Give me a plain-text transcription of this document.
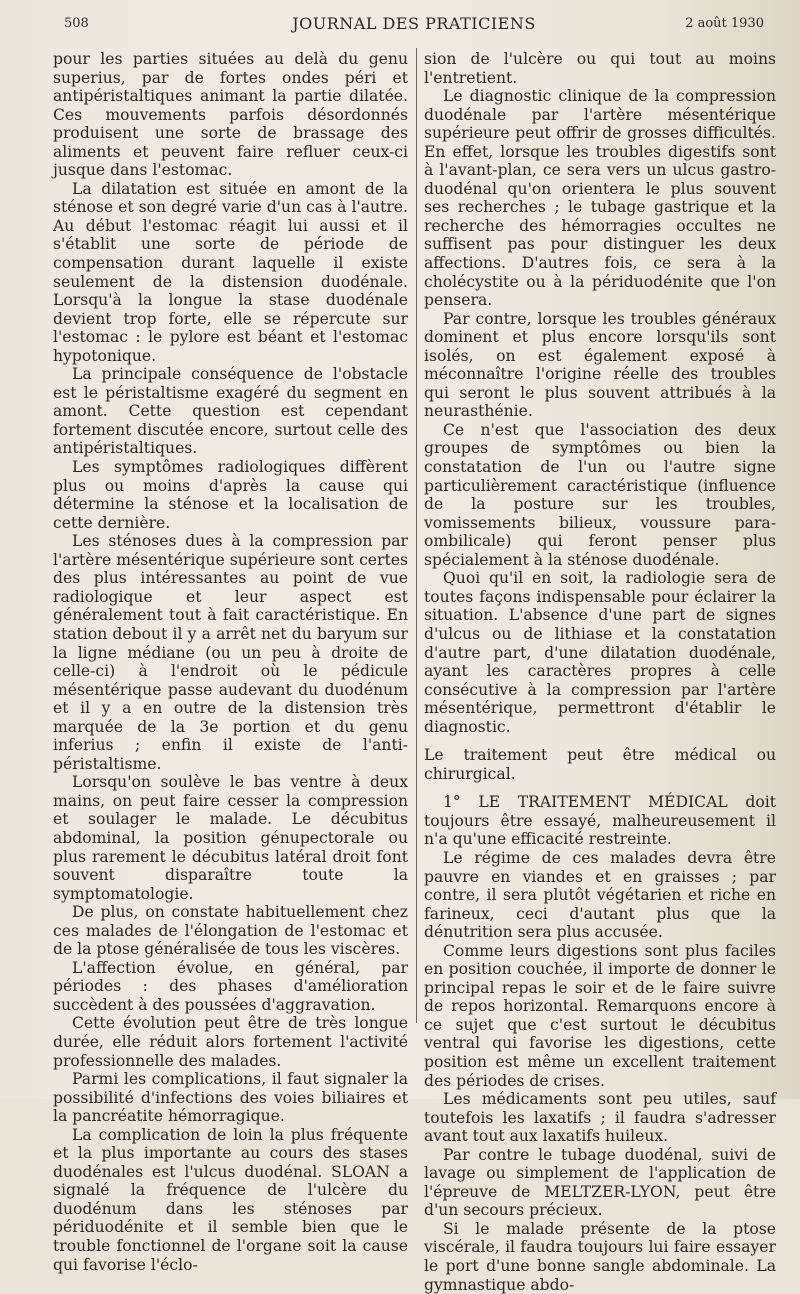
508	JOURNAL DES PRATICIENS	2 août 1930

pour les parties situées au delà du genu superius, par de fortes ondes péri et antipéristaltiques animant la partie dilatée. Ces mouvements parfois désordonnés produisent une sorte de brassage des aliments et peuvent faire refluer ceux-ci jusque dans l'estomac.

La dilatation est située en amont de la sténose et son degré varie d'un cas à l'autre. Au début l'estomac réagit lui aussi et il s'établit une sorte de période de compensation durant laquelle il existe seulement de la distension duodénale. Lorsqu'à la longue la stase duodénale devient trop forte, elle se répercute sur l'estomac : le pylore est béant et l'estomac hypotonique.

La principale conséquence de l'obstacle est le péristaltisme exagéré du segment en amont. Cette question est cependant fortement discutée encore, surtout celle des antipéristaltiques.

Les symptômes radiologiques diffèrent plus ou moins d'après la cause qui détermine la sténose et la localisation de cette dernière.

Les sténoses dues à la compression par l'artère mésentérique supérieure sont certes des plus intéressantes au point de vue radiologique et leur aspect est généralement tout à fait caractéristique. En station debout il y a arrêt net du baryum sur la ligne médiane (ou un peu à droite de celle-ci) à l'endroit où le pédicule mésentérique passe audevant du duodénum et il y a en outre de la distension très marquée de la 3e portion et du genu inferius ; enfin il existe de l'anti-péristaltisme.

Lorsqu'on soulève le bas ventre à deux mains, on peut faire cesser la compression et soulager le malade. Le décubitus abdominal, la position génupectorale ou plus rarement le décubitus latéral droit font souvent disparaître toute la symptomatologie.

De plus, on constate habituellement chez ces malades de l'élongation de l'estomac et de la ptose généralisée de tous les viscères.

L'affection évolue, en général, par périodes : des phases d'amélioration succèdent à des poussées d'aggravation.

Cette évolution peut être de très longue durée, elle réduit alors fortement l'activité professionnelle des malades.

Parmi les complications, il faut signaler la possibilité d'infections des voies biliaires et la pancréatite hémorragique.

La complication de loin la plus fréquente et la plus importante au cours des stases duodénales est l'ulcus duodénal. SLOAN a signalé la fréquence de l'ulcère du duodénum dans les sténoses par périduodénite et il semble bien que le trouble fonctionnel de l'organe soit la cause qui favorise l'éclo-

sion de l'ulcère ou qui tout au moins l'entretient.

Le diagnostic clinique de la compression duodénale par l'artère mésentérique supérieure peut offrir de grosses difficultés. En effet, lorsque les troubles digestifs sont à l'avant-plan, ce sera vers un ulcus gastro-duodénal qu'on orientera le plus souvent ses recherches ; le tubage gastrique et la recherche des hémorragies occultes ne suffisent pas pour distinguer les deux affections. D'autres fois, ce sera à la cholécystite ou à la périduodénite que l'on pensera.

Par contre, lorsque les troubles généraux dominent et plus encore lorsqu'ils sont isolés, on est également exposé à méconnaître l'origine réelle des troubles qui seront le plus souvent attribués à la neurasthénie.

Ce n'est que l'association des deux groupes de symptômes ou bien la constatation de l'un ou l'autre signe particulièrement caractéristique (influence de la posture sur les troubles, vomissements bilieux, voussure para-ombilicale) qui feront penser plus spécialement à la sténose duodénale.

Quoi qu'il en soit, la radiologie sera de toutes façons indispensable pour éclairer la situation. L'absence d'une part de signes d'ulcus ou de lithiase et la constatation d'autre part, d'une dilatation duodénale, ayant les caractères propres à celle consécutive à la compression par l'artère mésentérique, permettront d'établir le diagnostic.

Le traitement peut être médical ou chirurgical.

1° LE TRAITEMENT MÉDICAL doit toujours être essayé, malheureusement il n'a qu'une efficacité restreinte.

Le régime de ces malades devra être pauvre en viandes et en graisses ; par contre, il sera plutôt végétarien et riche en farineux, ceci d'autant plus que la dénutrition sera plus accusée.

Comme leurs digestions sont plus faciles en position couchée, il importe de donner le principal repas le soir et de le faire suivre de repos horizontal. Remarquons encore à ce sujet que c'est surtout le décubitus ventral qui favorise les digestions, cette position est même un excellent traitement des périodes de crises.

Les médicaments sont peu utiles, sauf toutefois les laxatifs ; il faudra s'adresser avant tout aux laxatifs huileux.

Par contre le tubage duodénal, suivi de lavage ou simplement de l'application de l'épreuve de MELTZER-LYON, peut être d'un secours précieux.

Si le malade présente de la ptose viscérale, il faudra toujours lui faire essayer le port d'une bonne sangle abdominale. La gymnastique abdo-
